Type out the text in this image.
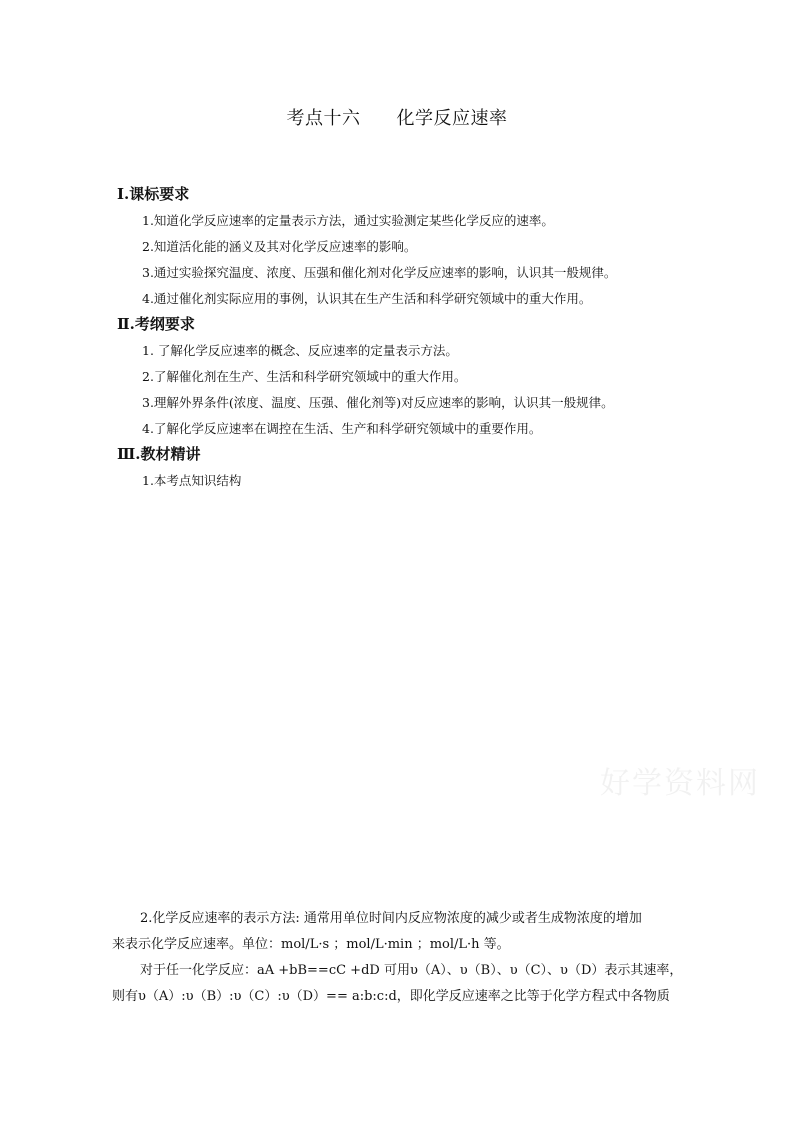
考点十六 化学反应速率
Ⅰ.课标要求
1.知道化学反应速率的定量表示方法，通过实验测定某些化学反应的速率。
2.知道活化能的涵义及其对化学反应速率的影响。
3.通过实验探究温度、浓度、压强和催化剂对化学反应速率的影响，认识其一般规律。
4.通过催化剂实际应用的事例，认识其在生产生活和科学研究领域中的重大作用。
Ⅱ.考纲要求
1. 了解化学反应速率的概念、反应速率的定量表示方法。
2.了解催化剂在生产、生活和科学研究领域中的重大作用。
3.理解外界条件(浓度、温度、压强、催化剂等)对反应速率的影响，认识其一般规律。
4.了解化学反应速率在调控在生活、生产和科学研究领域中的重要作用。
Ⅲ.教材精讲
1.本考点知识结构
好学资料网

2.化学反应速率的表示方法: 通常用单位时间内反应物浓度的减少或者生成物浓度的增加

来表示化学反应速率。单位：mol/L·s ；mol/L·min ；mol/L·h 等。

对于任一化学反应：aA +bB==cC +dD 可用υ（A）、υ（B）、υ（C）、υ（D）表示其速率，

则有υ（A）:υ（B）:υ（C）:υ（D）== a:b:c:d，即化学反应速率之比等于化学方程式中各物质
